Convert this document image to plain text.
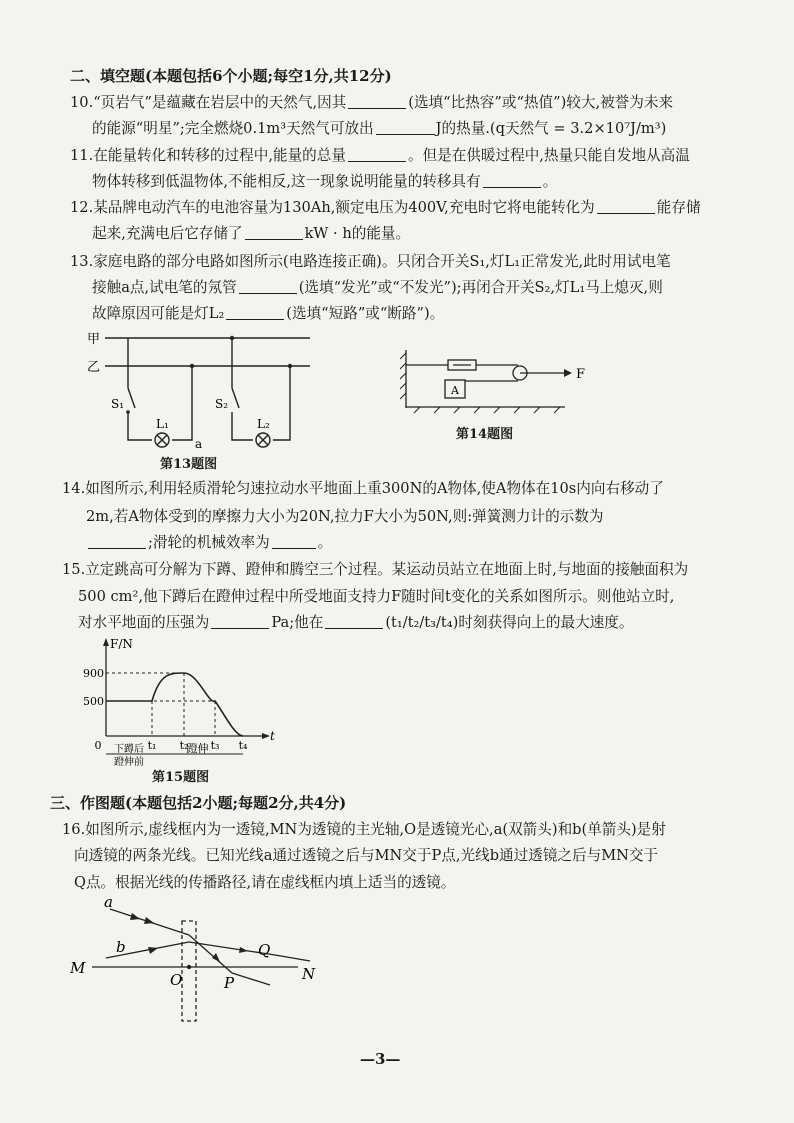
二、填空题(本题包括6个小题;每空1分,共12分)
10.“页岩气”是蕴藏在岩层中的天然气,因其	(选填“比热容”或“热值”)较大,被誉为未来
的能源“明星”;完全燃烧0.1m³天然气可放出	J的热量.(q天然气 = 3.2×10⁷J/m³)
11.在能量转化和转移的过程中,能量的总量	。但是在供暖过程中,热量只能自发地从高温
物体转移到低温物体,不能相反,这一现象说明能量的转移具有	。
12.某品牌电动汽车的电池容量为130Ah,额定电压为400V,充电时它将电能转化为	能存储
起来,充满电后它存储了	kW · h的能量。
13.家庭电路的部分电路如图所示(电路连接正确)。只闭合开关S₁,灯L₁正常发光,此时用试电笔
接触a点,试电笔的氖管	(选填“发光”或“不发光”);再闭合开关S₂,灯L₁马上熄灭,则
故障原因可能是灯L₂	(选填“短路”或“断路”)。
甲
乙
S₁	S₂
L₁	L₂
a
第13题图
A
F
第14题图
14.如图所示,利用轻质滑轮匀速拉动水平地面上重300N的A物体,使A物体在10s内向右移动了
2m,若A物体受到的摩擦力大小为20N,拉力F大小为50N,则:弹簧测力计的示数为
;滑轮的机械效率为	。
15.立定跳高可分解为下蹲、蹬伸和腾空三个过程。某运动员站立在地面上时,与地面的接触面积为
500 cm²,他下蹲后在蹬伸过程中所受地面支持力F随时间t变化的关系如图所示。则他站立时,
对水平地面的压强为	Pa;他在	(t₁/t₂/t₃/t₄)时刻获得向上的最大速度。
F/N
t
900
500
0	t₁ t₂ t₃ t₄
下蹲后
蹬伸前
蹬伸
第15题图
三、作图题(本题包括2小题;每题2分,共4分)
16.如图所示,虚线框内为一透镜,MN为透镜的主光轴,O是透镜光心,a(双箭头)和b(单箭头)是射
向透镜的两条光线。已知光线a通过透镜之后与MN交于P点,光线b通过透镜之后与MN交于
Q点。根据光线的传播路径,请在虚线框内填上适当的透镜。
a
b
M	N
O	P
Q
—3—
